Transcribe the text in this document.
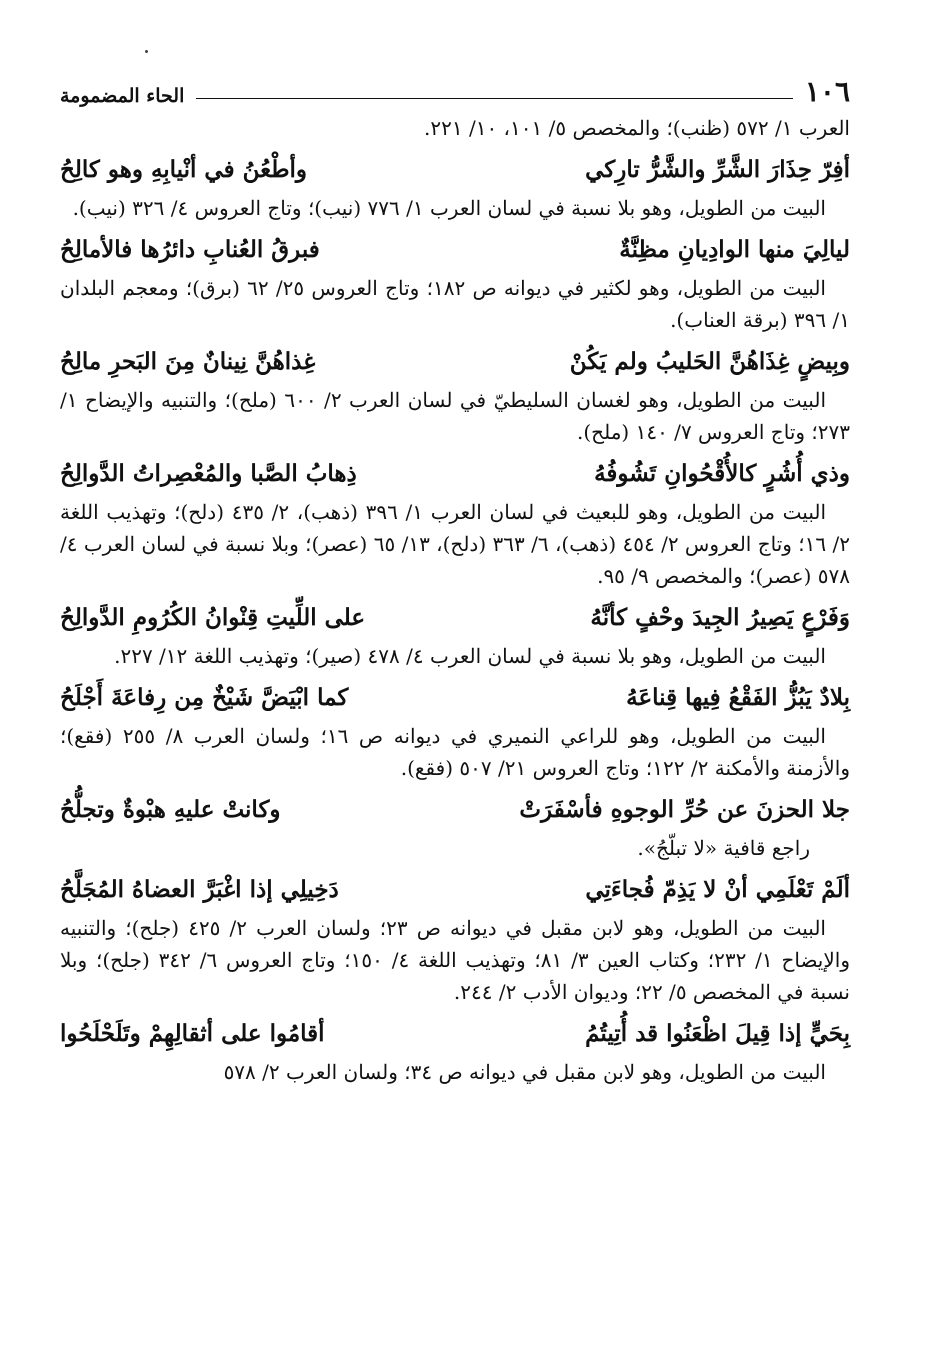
١٠٦
الحاء المضمومة
العرب ١/ ٥٧٢ (ظنب)؛ والمخصص ٥/ ١٠١، ١٠/ ٢٢١.
أفِرّ حِذَارَ الشَّرِّ والشَّرُّ تارِكي
وأطْعُنُ في أنْيابِهِ وهو كالِحُ
البيت من الطويل، وهو بلا نسبة في لسان العرب ١/ ٧٧٦ (نيب)؛ وتاج العروس ٤/ ٣٢٦ (نيب).
ليالِيَ منها الوادِيانِ مظِنَّةٌ
فبرقُ العُنابِ دائرُها فالأمالِحُ
البيت من الطويل، وهو لكثير في ديوانه ص ١٨٢؛ وتاج العروس ٢٥/ ٦٢ (برق)؛ ومعجم البلدان ١/ ٣٩٦ (برقة العناب).
وبِيضٍ غِذَاهُنَّ الحَليبُ ولم يَكُنْ
غِذاهُنَّ نِينانٌ مِنَ البَحرِ مالِحُ
البيت من الطويل، وهو لغسان السليطيّ في لسان العرب ٢/ ٦٠٠ (ملح)؛ والتنبيه والإيضاح ١/ ٢٧٣؛ وتاج العروس ٧/ ١٤٠ (ملح).
وذي أُشُرٍ كالأُقْحُوانِ تَشُوفُهُ
ذِهابُ الصَّبا والمُعْصِراتُ الدَّوالِحُ
البيت من الطويل، وهو للبعيث في لسان العرب ١/ ٣٩٦ (ذهب)، ٢/ ٤٣٥ (دلح)؛ وتهذيب اللغة ٢/ ١٦؛ وتاج العروس ٢/ ٤٥٤ (ذهب)، ٦/ ٣٦٣ (دلح)، ١٣/ ٦٥ (عصر)؛ وبلا نسبة في لسان العرب ٤/ ٥٧٨ (عصر)؛ والمخصص ٩/ ٩٥.
وَفَرْعٍ يَصِيرُ الجِيدَ وحْفٍ كأنَّهُ
على اللِّيتِ قِنْوانُ الكُرُومِ الدَّوالِحُ
البيت من الطويل، وهو بلا نسبة في لسان العرب ٤/ ٤٧٨ (صير)؛ وتهذيب اللغة ١٢/ ٢٢٧.
بِلادٌ يَبُزُّ الفَقْعُ فِيها قِناعَهُ
كما ابْيَضَّ شَيْخٌ مِن رِفاعَةَ أَجْلَحُ
البيت من الطويل، وهو للراعي النميري في ديوانه ص ١٦؛ ولسان العرب ٨/ ٢٥٥ (فقع)؛ والأزمنة والأمكنة ٢/ ١٢٢؛ وتاج العروس ٢١/ ٥٠٧ (فقع).
جلا الحزنَ عن حُرِّ الوجوهِ فأسْفَرَتْ
وكانتْ عليهِ هبْوةٌ وتجلُّحُ
راجع قافية «لا تبلّجُ».
ألَمْ تَعْلَمِي أنْ لا يَذِمّ فُجاءَتِي
دَخِيلِي إذا اغْبَرَّ العضاهُ المُجَلَّحُ
البيت من الطويل، وهو لابن مقبل في ديوانه ص ٢٣؛ ولسان العرب ٢/ ٤٢٥ (جلح)؛ والتنبيه والإيضاح ١/ ٢٣٢؛ وكتاب العين ٣/ ٨١؛ وتهذيب اللغة ٤/ ١٥٠؛ وتاج العروس ٦/ ٣٤٢ (جلح)؛ وبلا نسبة في المخصص ٥/ ٢٢؛ وديوان الأدب ٢/ ٢٤٤.
بِحَيٍّ إذا قِيلَ اظْعَنُوا قد أُتِيتُمُ
أقامُوا على أثقالِهِمْ وتَلَحْلَحُوا
البيت من الطويل، وهو لابن مقبل في ديوانه ص ٣٤؛ ولسان العرب ٢/ ٥٧٨
